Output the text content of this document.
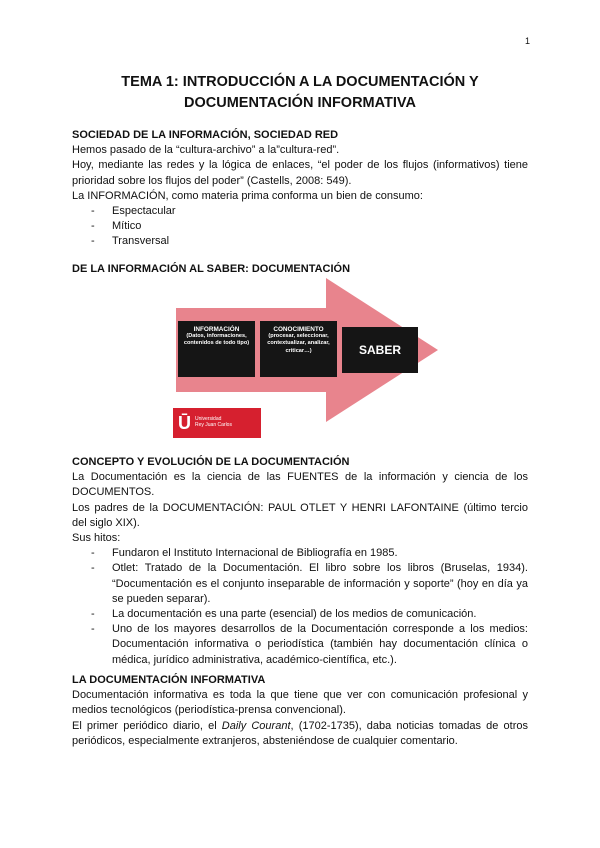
1
TEMA 1: INTRODUCCIÓN A LA DOCUMENTACIÓN Y
DOCUMENTACIÓN INFORMATIVA
SOCIEDAD DE LA INFORMACIÓN, SOCIEDAD RED
Hemos pasado de la “cultura-archivo” a la”cultura-red”.
Hoy, mediante las redes y la lógica de enlaces, “el poder de los flujos (informativos) tiene prioridad sobre los flujos del poder” (Castells, 2008: 549).
La INFORMACIÓN, como materia prima conforma un bien de consumo:
- Espectacular
- Mítico
- Transversal
DE LA INFORMACIÓN AL SABER: DOCUMENTACIÓN
INFORMACIÓN
(Datos, informaciones, contenidos de todo tipo)
CONOCIMIENTO
(procesar, seleccionar, contextualizar, analizar, criticar…)	SABER
Ū Universidad
Rey Juan Carlos
CONCEPTO Y EVOLUCIÓN DE LA DOCUMENTACIÓN
La Documentación es la ciencia de las FUENTES de la información y ciencia de los DOCUMENTOS.
Los padres de la DOCUMENTACIÓN: PAUL OTLET Y HENRI LAFONTAINE (último tercio del siglo XIX).
Sus hitos:
- Fundaron el Instituto Internacional de Bibliografía en 1985.
- Otlet: Tratado de la Documentación. El libro sobre los libros (Bruselas, 1934). “Documentación es el conjunto inseparable de información y soporte” (hoy en día ya se pueden separar).
- La documentación es una parte (esencial) de los medios de comunicación.
- Uno de los mayores desarrollos de la Documentación corresponde a los medios: Documentación informativa o periodística (también hay documentación clínica o médica, jurídico administrativa, académico-científica, etc.).
LA DOCUMENTACIÓN INFORMATIVA
Documentación informativa es toda la que tiene que ver con comunicación profesional y medios tecnológicos (periodística-prensa convencional).
El primer periódico diario, el Daily Courant, (1702-1735), daba noticias tomadas de otros periódicos, especialmente extranjeros, absteniéndose de cualquier comentario.
